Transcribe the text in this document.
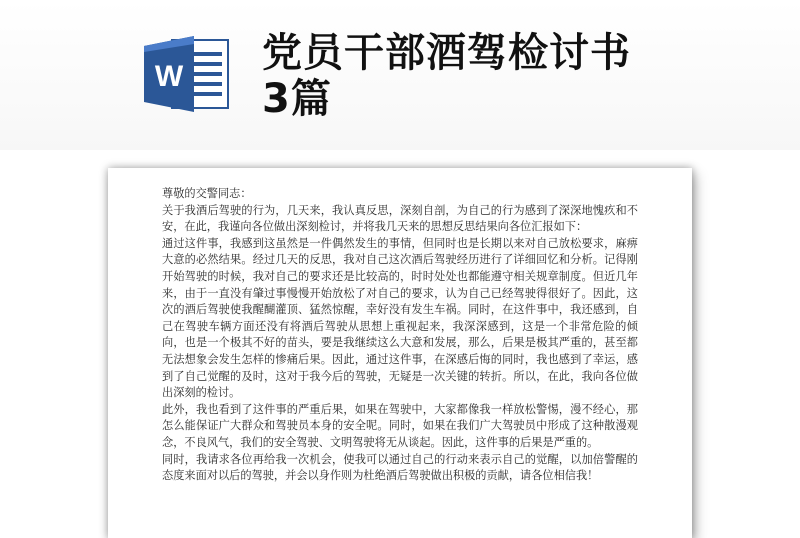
W
党员干部酒驾检讨书
3篇

尊敬的交警同志：

关于我酒后驾驶的行为，几天来，我认真反思，深刻自剖，为自己的行为感到了深深地愧疚和不安，在此，我谨向各位做出深刻检讨，并将我几天来的思想反思结果向各位汇报如下：

通过这件事，我感到这虽然是一件偶然发生的事情，但同时也是长期以来对自己放松要求，麻痹大意的必然结果。经过几天的反思，我对自己这次酒后驾驶经历进行了详细回忆和分析。记得刚开始驾驶的时候，我对自己的要求还是比较高的，时时处处也都能遵守相关规章制度。但近几年来，由于一直没有肇过事慢慢开始放松了对自己的要求，认为自己已经驾驶得很好了。因此，这次的酒后驾驶使我醒醐灌顶、猛然惊醒，幸好没有发生车祸。同时，在这件事中，我还感到，自己在驾驶车辆方面还没有将酒后驾驶从思想上重视起来，我深深感到，这是一个非常危险的倾向，也是一个极其不好的苗头，要是我继续这么大意和发展，那么，后果是极其严重的，甚至都无法想象会发生怎样的惨痛后果。因此，通过这件事，在深感后悔的同时，我也感到了幸运，感到了自己觉醒的及时，这对于我今后的驾驶，无疑是一次关键的转折。所以，在此，我向各位做出深刻的检讨。

此外，我也看到了这件事的严重后果，如果在驾驶中，大家都像我一样放松警惕，漫不经心，那怎么能保证广大群众和驾驶员本身的安全呢。同时，如果在我们广大驾驶员中形成了这种散漫观念，不良风气，我们的安全驾驶、文明驾驶将无从谈起。因此，这件事的后果是严重的。

同时，我请求各位再给我一次机会，使我可以通过自己的行动来表示自己的觉醒，以加倍警醒的态度来面对以后的驾驶，并会以身作则为杜绝酒后驾驶做出积极的贡献，请各位相信我！
